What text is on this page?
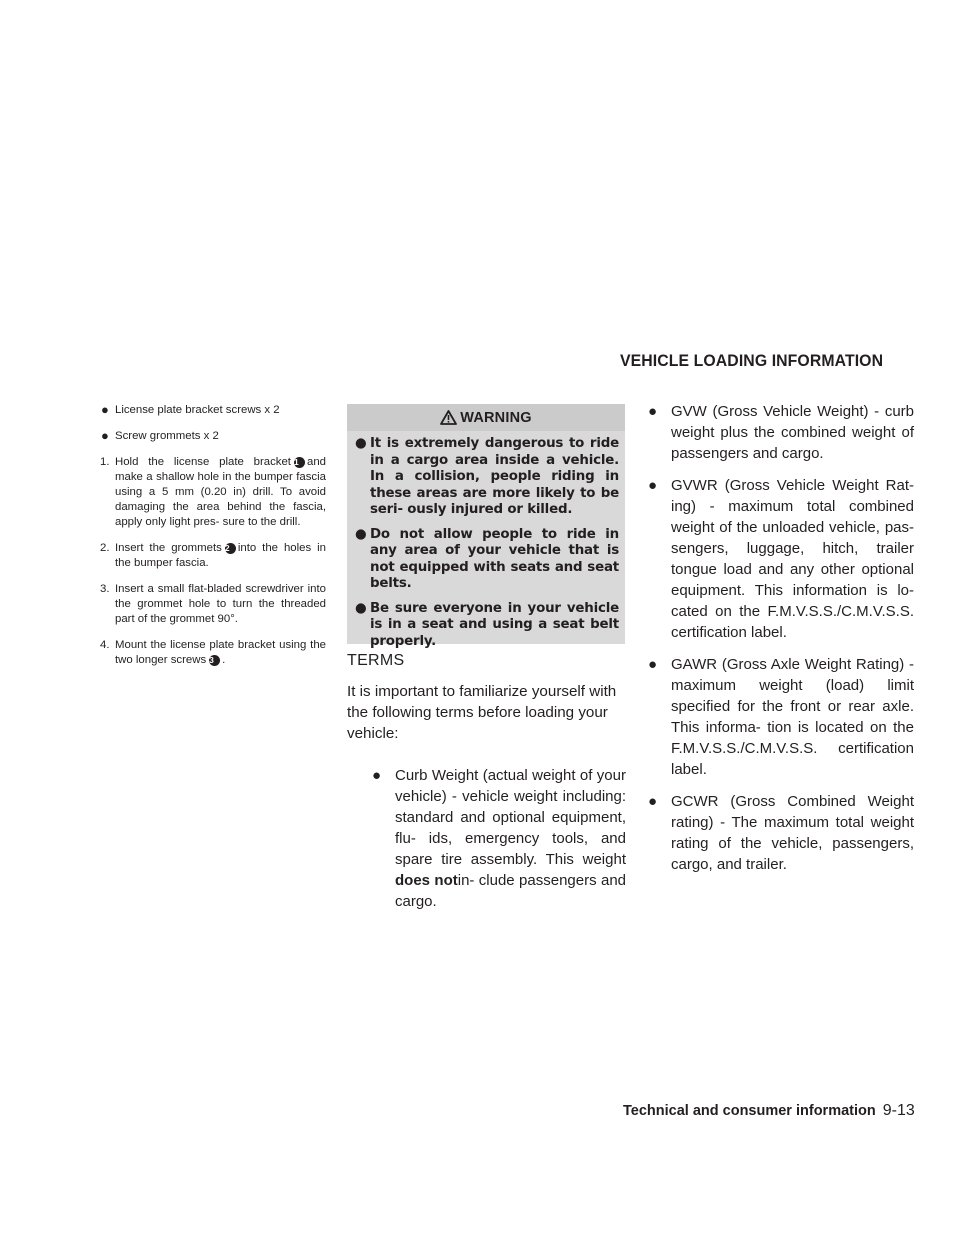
VEHICLE LOADING INFORMATION
● License plate bracket screws x 2
● Screw grommets x 2
1. Hold the license plate bracket 1 and make a shallow hole in the bumper fascia using a 5 mm (0.20 in) drill. To avoid damaging the area behind the fascia, apply only light pres- sure to the drill.

2. Insert the grommets 2 into the holes in the bumper fascia.

3. Insert a small flat-bladed screwdriver into the grommet hole to turn the threaded part of the grommet 90°.

4. Mount the license plate bracket using the two longer screws 3 .

WARNING
● It is extremely dangerous to ride in a cargo area inside a vehicle. In a collision, people riding in these areas are more likely to be seri- ously injured or killed.

● Do not allow people to ride in any area of your vehicle that is not equipped with seats and seat belts.

● Be sure everyone in your vehicle is in a seat and using a seat belt properly.

TERMS
It is important to familiarize yourself with the following terms before loading your vehicle:
● Curb Weight (actual weight of your vehicle) - vehicle weight including: standard and optional equipment, flu- ids, emergency tools, and spare tire assembly. This weight does notin- clude passengers and cargo.

● GVW (Gross Vehicle Weight) - curb weight plus the combined weight of passengers and cargo.

● GVWR (Gross Vehicle Weight Rat- ing) - maximum total combined weight of the unloaded vehicle, pas- sengers, luggage, hitch, trailer tongue load and any other optional equipment. This information is lo- cated on the F.M.V.S.S./C.M.V.S.S. certification label.

● GAWR (Gross Axle Weight Rating) - maximum weight (load) limit specified for the front or rear axle. This informa- tion is located on the F.M.V.S.S./C.M.V.S.S. certification label.

● GCWR (Gross Combined Weight rating) - The maximum total weight rating of the vehicle, passengers, cargo, and trailer.

Technical and consumer information 9-13
